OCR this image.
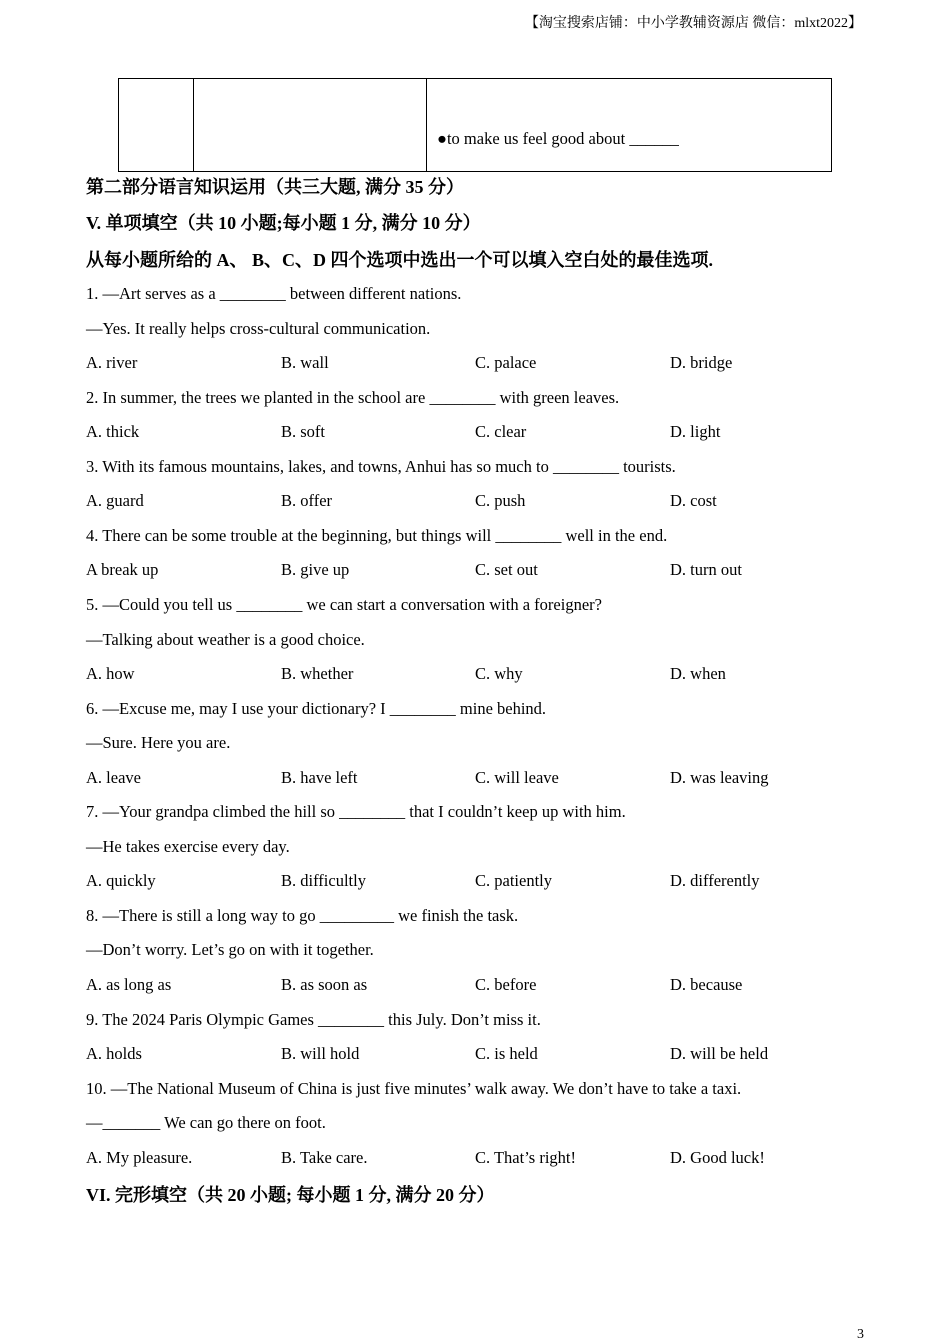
【淘宝搜索店铺：中小学教辅资源店 微信：mlxt2022】

●to make us feel good about ______
第二部分语言知识运用（共三大题, 满分 35 分）
V. 单项填空（共 10 小题;每小题 1 分, 满分 10 分）
从每小题所给的 A、 B、C、D 四个选项中选出一个可以填入空白处的最佳选项.
1. —Art serves as a ________ between different nations.
—Yes. It really helps cross-cultural communication.
A. river	B. wall	C. palace	D. bridge
2. In summer, the trees we planted in the school are ________ with green leaves.
A. thick	B. soft	C. clear	D. light
3. With its famous mountains, lakes, and towns, Anhui has so much to ________ tourists.
A. guard	B. offer	C. push	D. cost
4. There can be some trouble at the beginning, but things will ________ well in the end.
A break up	B. give up	C. set out	D. turn out
5. —Could you tell us ________ we can start a conversation with a foreigner?
—Talking about weather is a good choice.
A. how	B. whether	C. why	D. when
6. —Excuse me, may I use your dictionary? I ________ mine behind.
—Sure. Here you are.
A. leave	B. have left	C. will leave	D. was leaving
7. —Your grandpa climbed the hill so ________ that I couldn’t keep up with him.
—He takes exercise every day.
A. quickly	B. difficultly	C. patiently	D. differently
8. —There is still a long way to go _________ we finish the task.
—Don’t worry. Let’s go on with it together.
A. as long as	B. as soon as	C. before	D. because
9. The 2024 Paris Olympic Games ________ this July. Don’t miss it.
A. holds	B. will hold	C. is held	D. will be held
10. —The National Museum of China is just five minutes’ walk away. We don’t have to take a taxi.
—_______ We can go there on foot.
A. My pleasure.	B. Take care.	C. That’s right!	D. Good luck!
VI. 完形填空（共 20 小题; 每小题 1 分, 满分 20 分）
3
